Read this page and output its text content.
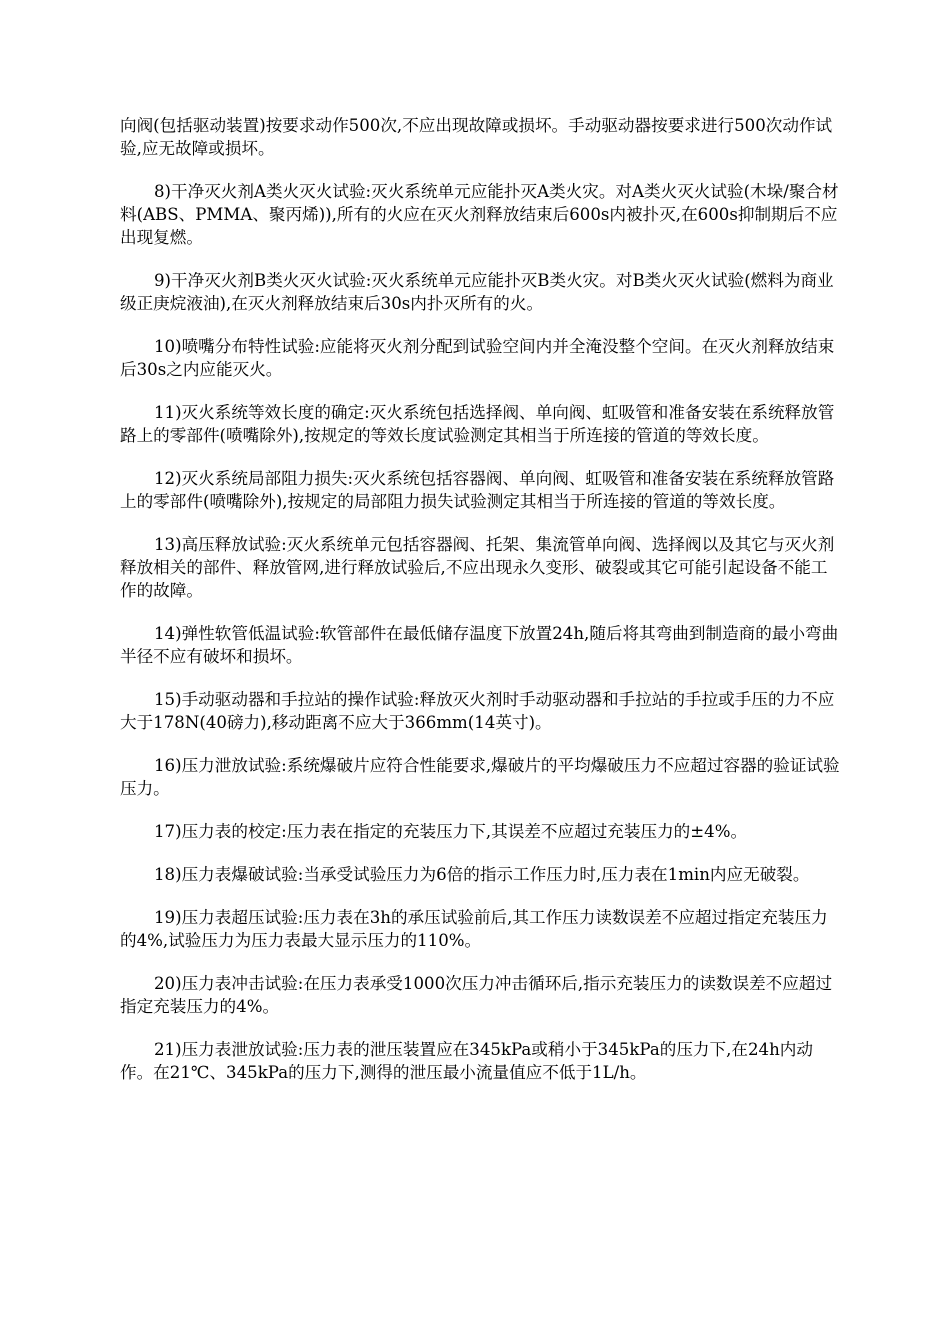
向阀(包括驱动装置)按要求动作500次,不应出现故障或损坏。手动驱动器按要求进行500次动作试验,应无故障或损坏。

8)干净灭火剂A类火灭火试验:灭火系统单元应能扑灭A类火灾。对A类火灭火试验(木垛/聚合材料(ABS、PMMA、聚丙烯)),所有的火应在灭火剂释放结束后600s内被扑灭,在600s抑制期后不应出现复燃。

9)干净灭火剂B类火灭火试验:灭火系统单元应能扑灭B类火灾。对B类火灭火试验(燃料为商业级正庚烷液油),在灭火剂释放结束后30s内扑灭所有的火。

10)喷嘴分布特性试验:应能将灭火剂分配到试验空间内并全淹没整个空间。在灭火剂释放结束后30s之内应能灭火。

11)灭火系统等效长度的确定:灭火系统包括选择阀、单向阀、虹吸管和准备安装在系统释放管路上的零部件(喷嘴除外),按规定的等效长度试验测定其相当于所连接的管道的等效长度。

12)灭火系统局部阻力损失:灭火系统包括容器阀、单向阀、虹吸管和准备安装在系统释放管路上的零部件(喷嘴除外),按规定的局部阻力损失试验测定其相当于所连接的管道的等效长度。

13)高压释放试验:灭火系统单元包括容器阀、托架、集流管单向阀、选择阀以及其它与灭火剂释放相关的部件、释放管网,进行释放试验后,不应出现永久变形、破裂或其它可能引起设备不能工作的故障。

14)弹性软管低温试验:软管部件在最低储存温度下放置24h,随后将其弯曲到制造商的最小弯曲半径不应有破坏和损坏。

15)手动驱动器和手拉站的操作试验:释放灭火剂时手动驱动器和手拉站的手拉或手压的力不应大于178N(40磅力),移动距离不应大于366mm(14英寸)。

16)压力泄放试验:系统爆破片应符合性能要求,爆破片的平均爆破压力不应超过容器的验证试验压力。

17)压力表的校定:压力表在指定的充装压力下,其误差不应超过充装压力的±4%。

18)压力表爆破试验:当承受试验压力为6倍的指示工作压力时,压力表在1min内应无破裂。

19)压力表超压试验:压力表在3h的承压试验前后,其工作压力读数误差不应超过指定充装压力的4%,试验压力为压力表最大显示压力的110%。

20)压力表冲击试验:在压力表承受1000次压力冲击循环后,指示充装压力的读数误差不应超过指定充装压力的4%。

21)压力表泄放试验:压力表的泄压装置应在345kPa或稍小于345kPa的压力下,在24h内动作。在21℃、345kPa的压力下,测得的泄压最小流量值应不低于1L/h。
